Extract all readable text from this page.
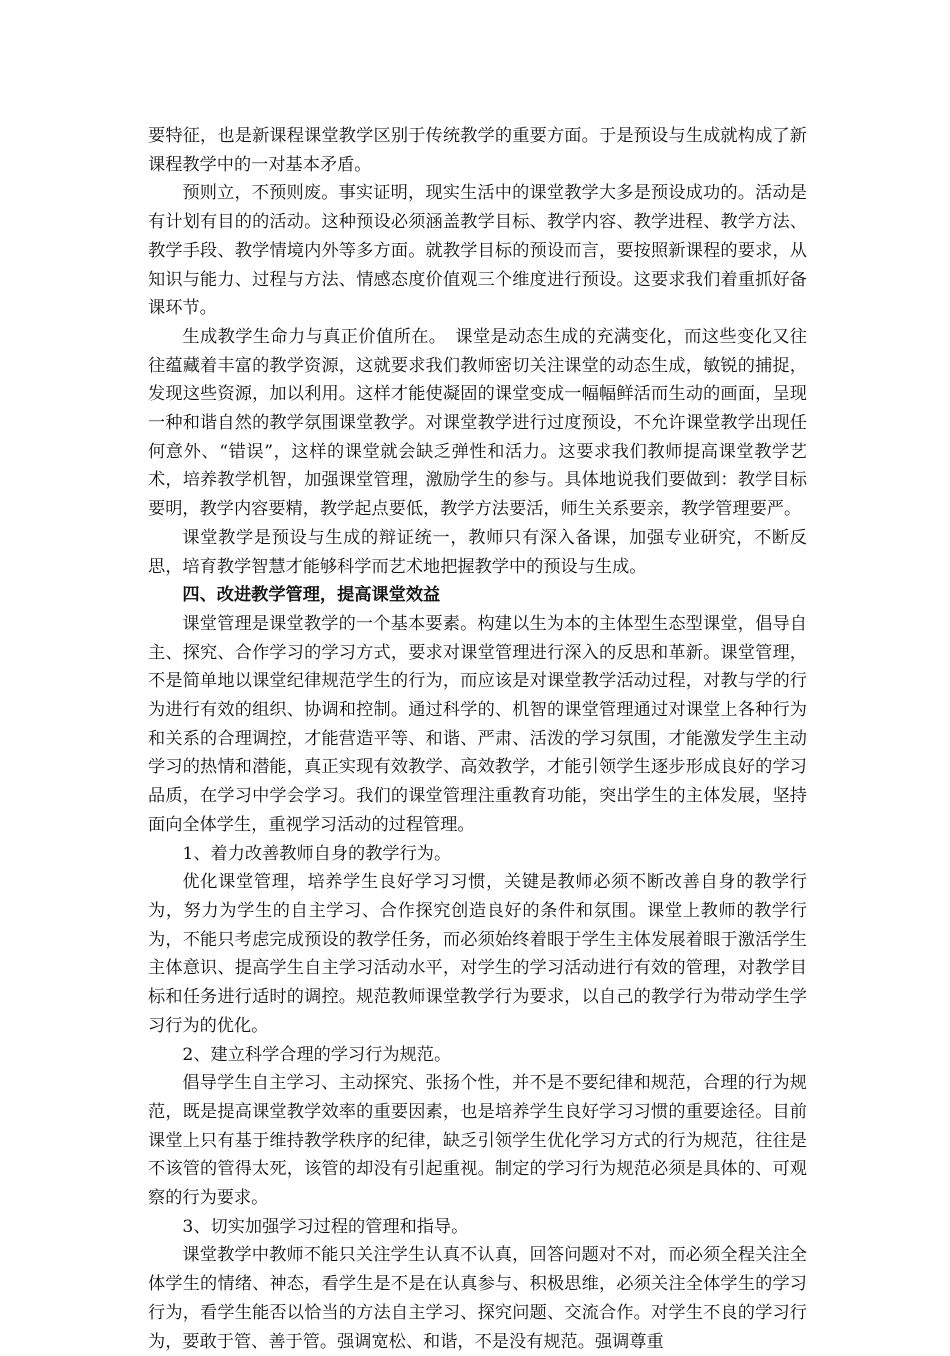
要特征，也是新课程课堂教学区别于传统教学的重要方面。于是预设与生成就构成了新课程教学中的一对基本矛盾。

预则立，不预则废。事实证明，现实生活中的课堂教学大多是预设成功的。活动是有计划有目的的活动。这种预设必须涵盖教学目标、教学内容、教学进程、教学方法、教学手段、教学情境内外等多方面。就教学目标的预设而言，要按照新课程的要求，从知识与能力、过程与方法、情感态度价值观三个维度进行预设。这要求我们着重抓好备课环节。

生成教学生命力与真正价值所在。　课堂是动态生成的充满变化，而这些变化又往往蕴藏着丰富的教学资源，这就要求我们教师密切关注课堂的动态生成，敏锐的捕捉，发现这些资源，加以利用。这样才能使凝固的课堂变成一幅幅鲜活而生动的画面，呈现一种和谐自然的教学氛围课堂教学。对课堂教学进行过度预设，不允许课堂教学出现任何意外、“错误”，这样的课堂就会缺乏弹性和活力。这要求我们教师提高课堂教学艺术，培养教学机智，加强课堂管理，激励学生的参与。具体地说我们要做到：教学目标要明，教学内容要精，教学起点要低，教学方法要活，师生关系要亲，教学管理要严。

课堂教学是预设与生成的辩证统一，教师只有深入备课，加强专业研究，不断反思，培育教学智慧才能够科学而艺术地把握教学中的预设与生成。

四、改进教学管理，提高课堂效益

课堂管理是课堂教学的一个基本要素。构建以生为本的主体型生态型课堂，倡导自主、探究、合作学习的学习方式，要求对课堂管理进行深入的反思和革新。课堂管理，不是简单地以课堂纪律规范学生的行为，而应该是对课堂教学活动过程，对教与学的行为进行有效的组织、协调和控制。通过科学的、机智的课堂管理通过对课堂上各种行为和关系的合理调控，才能营造平等、和谐、严肃、活泼的学习氛围，才能激发学生主动学习的热情和潜能，真正实现有效教学、高效教学，才能引领学生逐步形成良好的学习品质，在学习中学会学习。我们的课堂管理注重教育功能，突出学生的主体发展，坚持面向全体学生，重视学习活动的过程管理。

1、着力改善教师自身的教学行为。

优化课堂管理，培养学生良好学习习惯，关键是教师必须不断改善自身的教学行为，努力为学生的自主学习、合作探究创造良好的条件和氛围。课堂上教师的教学行为，不能只考虑完成预设的教学任务，而必须始终着眼于学生主体发展着眼于激活学生主体意识、提高学生自主学习活动水平，对学生的学习活动进行有效的管理，对教学目标和任务进行适时的调控。规范教师课堂教学行为要求，以自己的教学行为带动学生学习行为的优化。

2、建立科学合理的学习行为规范。

倡导学生自主学习、主动探究、张扬个性，并不是不要纪律和规范，合理的行为规范，既是提高课堂教学效率的重要因素，也是培养学生良好学习习惯的重要途径。目前课堂上只有基于维持教学秩序的纪律，缺乏引领学生优化学习方式的行为规范，往往是不该管的管得太死，该管的却没有引起重视。制定的学习行为规范必须是具体的、可观察的行为要求。

3、切实加强学习过程的管理和指导。

课堂教学中教师不能只关注学生认真不认真，回答问题对不对，而必须全程关注全体学生的情绪、神态，看学生是不是在认真参与、积极思维，必须关注全体学生的学习行为，看学生能否以恰当的方法自主学习、探究问题、交流合作。对学生不良的学习行为，要敢于管、善于管。强调宽松、和谐，不是没有规范。强调尊重
